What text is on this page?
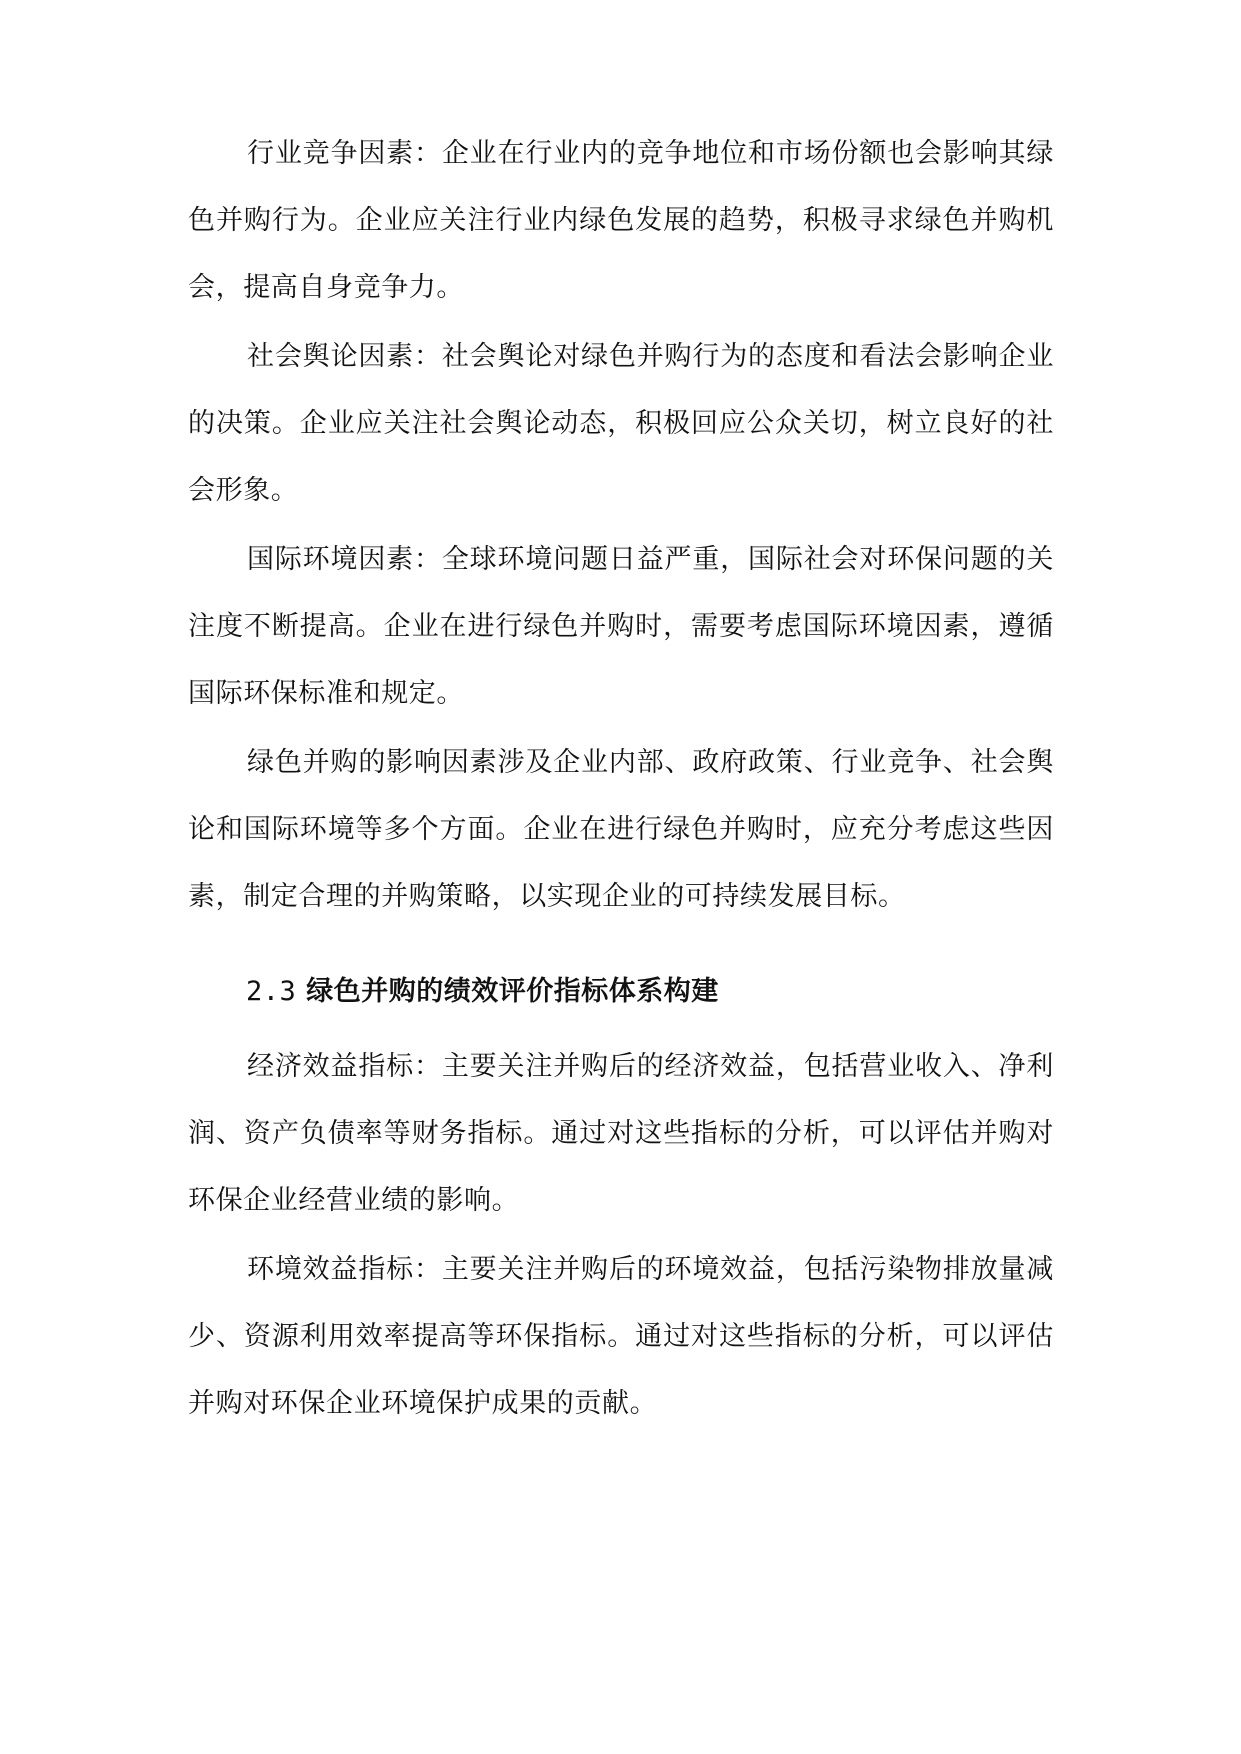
行业竞争因素：企业在行业内的竞争地位和市场份额也会影响其绿色并购行为。企业应关注行业内绿色发展的趋势，积极寻求绿色并购机会，提高自身竞争力。

社会舆论因素：社会舆论对绿色并购行为的态度和看法会影响企业的决策。企业应关注社会舆论动态，积极回应公众关切，树立良好的社会形象。

国际环境因素：全球环境问题日益严重，国际社会对环保问题的关注度不断提高。企业在进行绿色并购时，需要考虑国际环境因素，遵循国际环保标准和规定。

绿色并购的影响因素涉及企业内部、政府政策、行业竞争、社会舆论和国际环境等多个方面。企业在进行绿色并购时，应充分考虑这些因素，制定合理的并购策略，以实现企业的可持续发展目标。

2.3 绿色并购的绩效评价指标体系构建

经济效益指标：主要关注并购后的经济效益，包括营业收入、净利润、资产负债率等财务指标。通过对这些指标的分析，可以评估并购对环保企业经营业绩的影响。

环境效益指标：主要关注并购后的环境效益，包括污染物排放量减少、资源利用效率提高等环保指标。通过对这些指标的分析，可以评估并购对环保企业环境保护成果的贡献。
